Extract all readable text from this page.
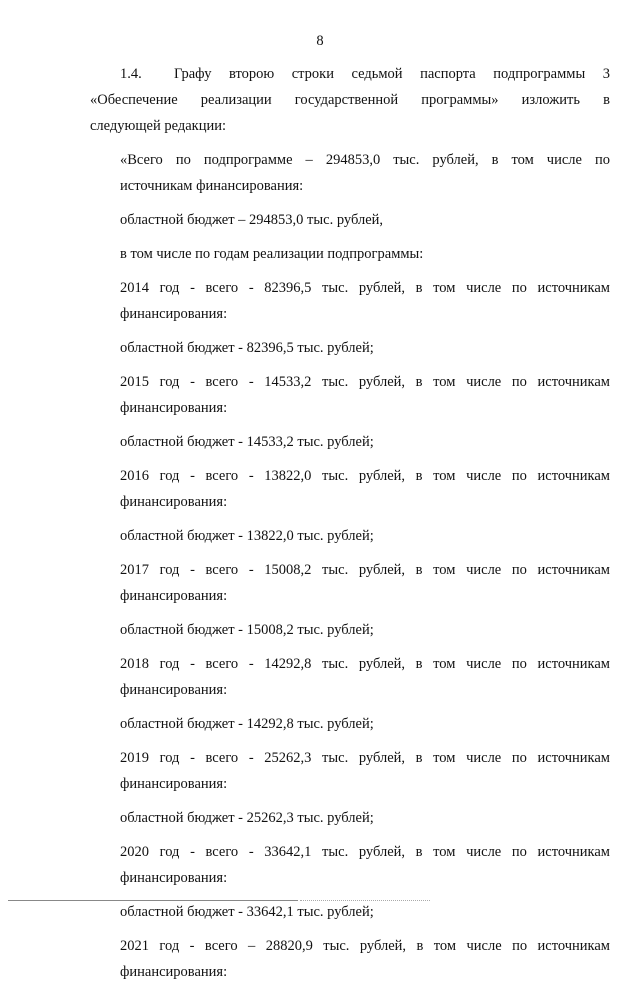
8
1.4.	Графу второю строки седьмой паспорта подпрограммы 3
«Обеспечение реализации государственной программы» изложить в
следующей редакции:
«Всего по подпрограмме – 294853,0 тыс. рублей, в том числе по
источникам финансирования:
областной бюджет – 294853,0 тыс. рублей,
в том числе по годам реализации подпрограммы:
2014 год - всего - 82396,5 тыс. рублей, в том числе по источникам
финансирования:
областной бюджет - 82396,5 тыс. рублей;
2015 год - всего - 14533,2 тыс. рублей, в том числе по источникам
финансирования:
областной бюджет - 14533,2 тыс. рублей;
2016 год - всего - 13822,0 тыс. рублей, в том числе по источникам
финансирования:
областной бюджет - 13822,0 тыс. рублей;
2017 год - всего - 15008,2 тыс. рублей, в том числе по источникам
финансирования:
областной бюджет - 15008,2 тыс. рублей;
2018 год - всего - 14292,8 тыс. рублей, в том числе по источникам
финансирования:
областной бюджет - 14292,8 тыс. рублей;
2019 год - всего - 25262,3 тыс. рублей, в том числе по источникам
финансирования:
областной бюджет - 25262,3 тыс. рублей;
2020 год - всего - 33642,1 тыс. рублей, в том числе по источникам
финансирования:
областной бюджет - 33642,1 тыс. рублей;
2021 год - всего – 28820,9 тыс. рублей, в том числе по источникам
финансирования:
